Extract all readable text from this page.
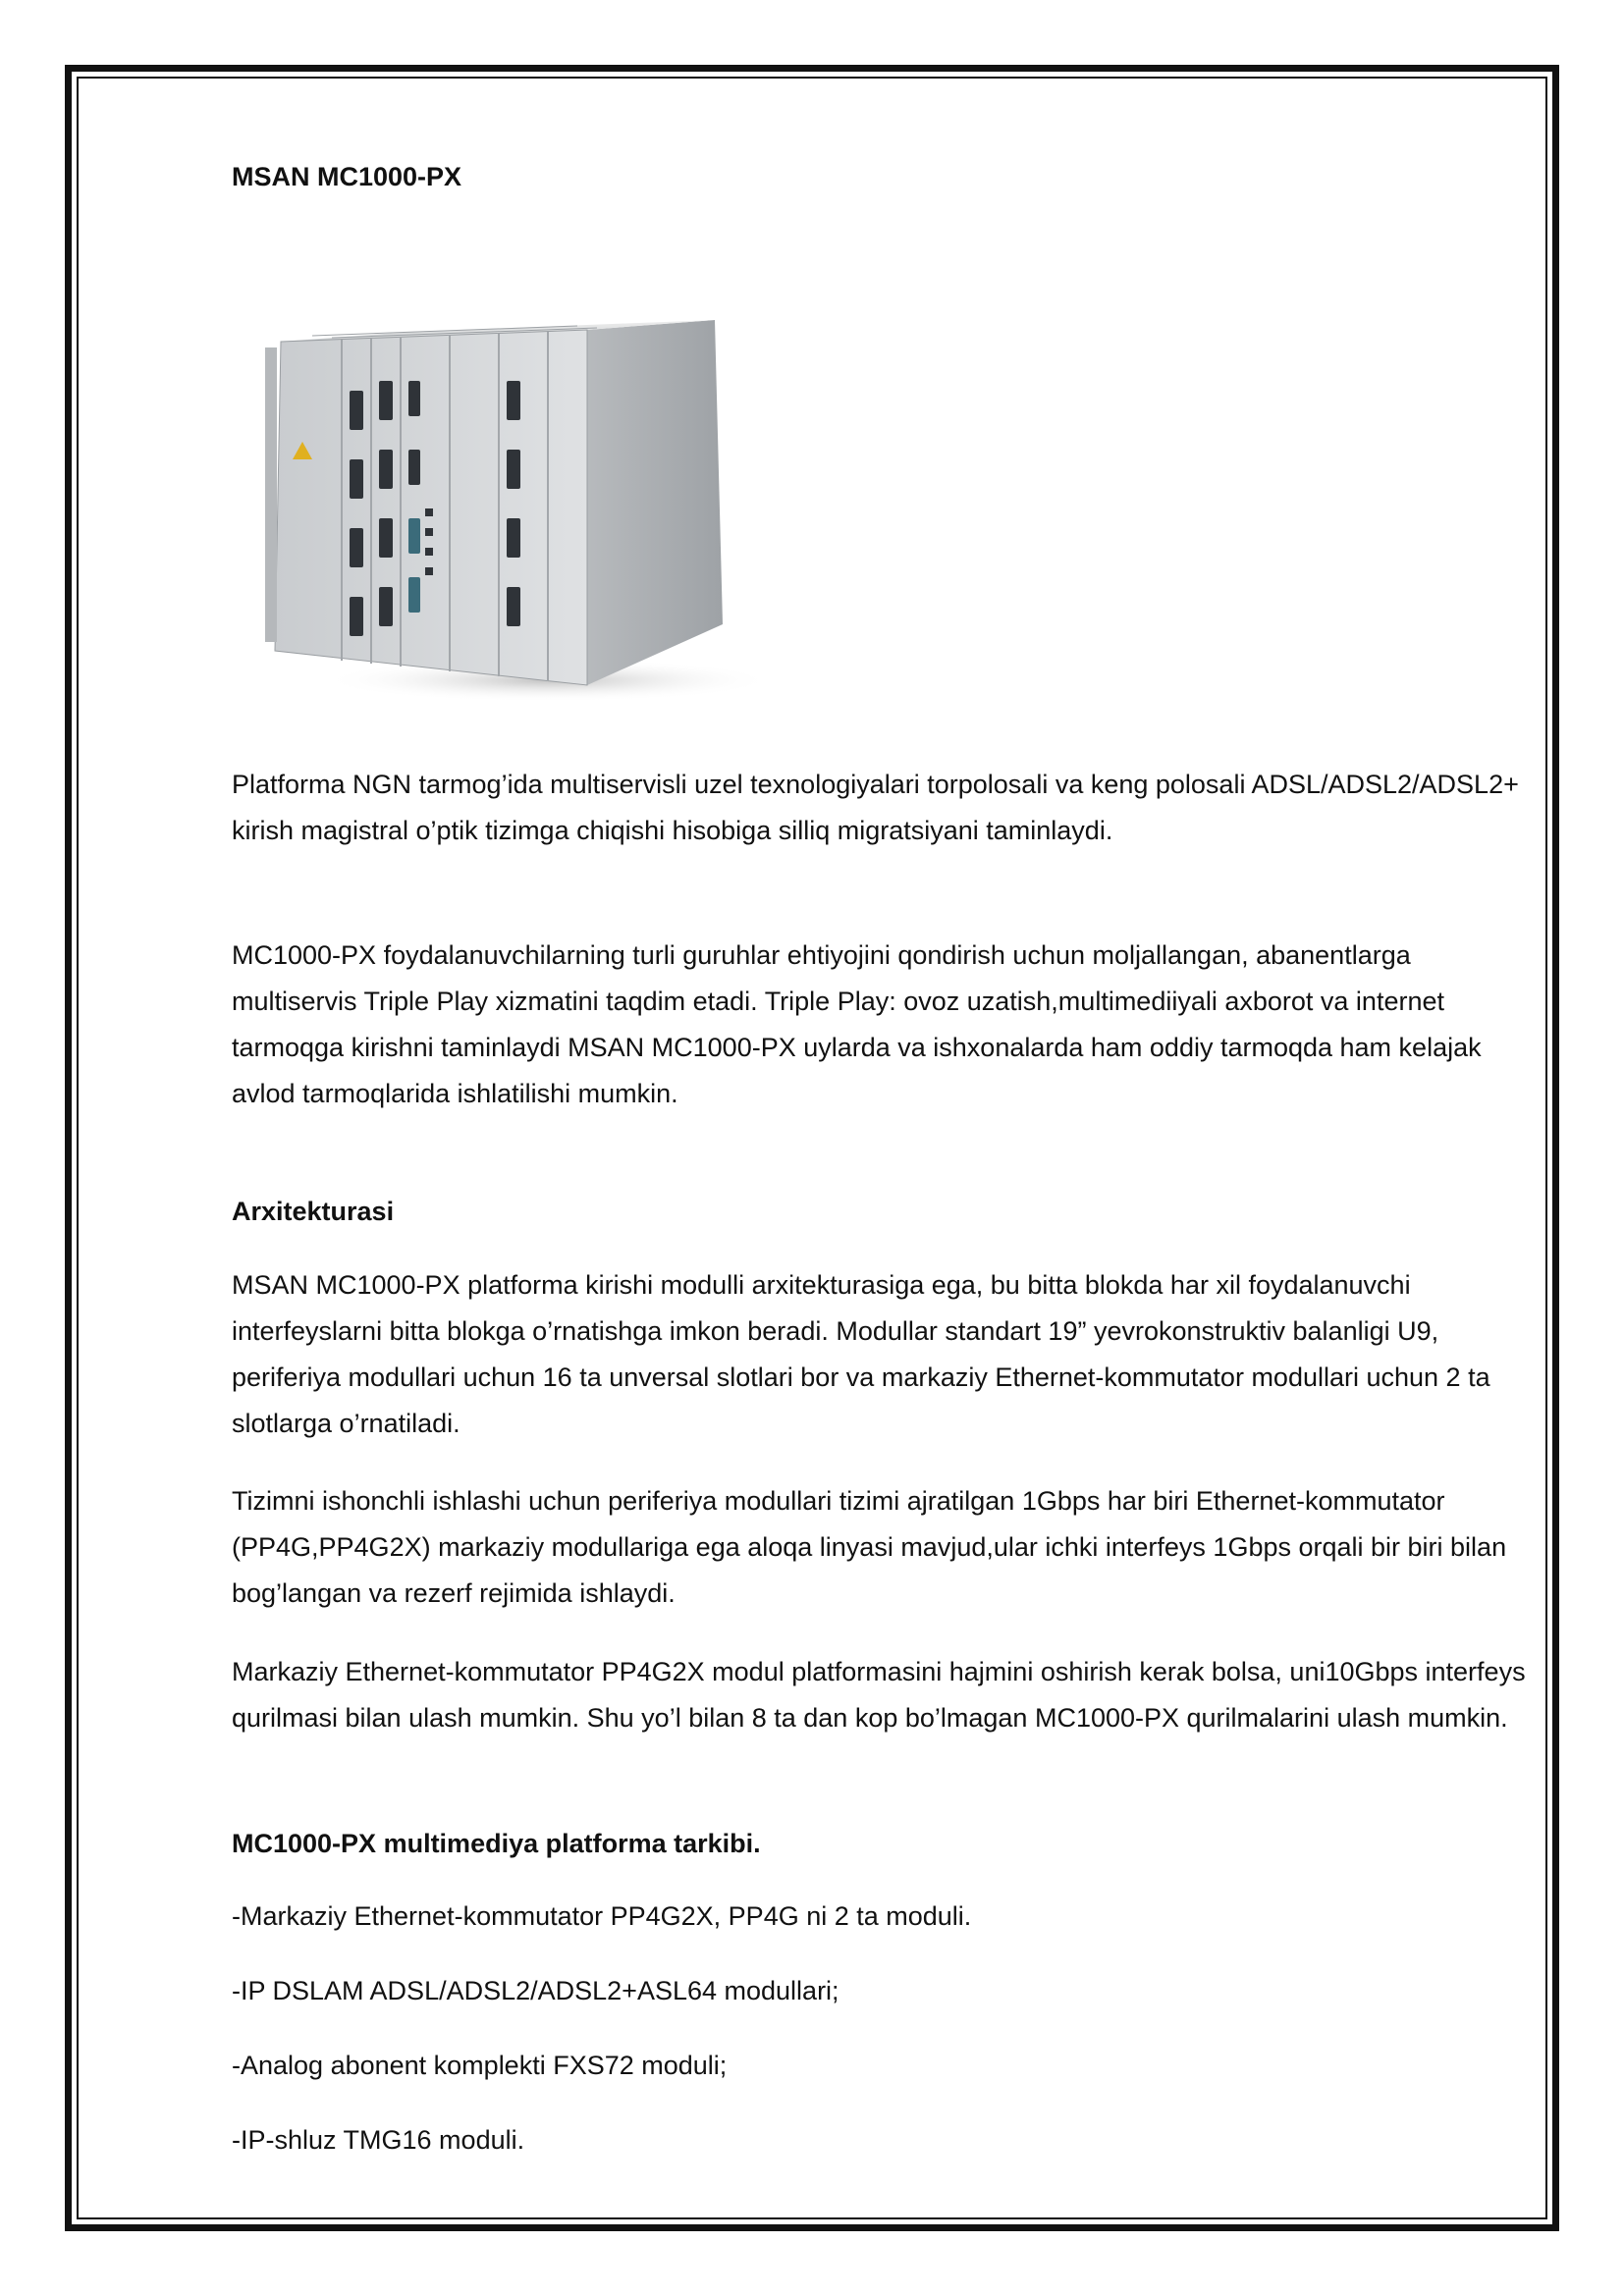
MSAN MC1000-PX

Platforma NGN tarmog’ida multiservisli uzel texnologiyalari torpolosali va keng polosali ADSL/ADSL2/ADSL2+ kirish magistral o’ptik tizimga chiqishi hisobiga silliq migratsiyani taminlaydi.

MC1000-PX foydalanuvchilarning turli guruhlar ehtiyojini qondirish uchun moljallangan, abanentlarga multiservis Triple Play xizmatini taqdim etadi. Triple Play: ovoz uzatish,multimediiyali axborot va internet tarmoqga kirishni taminlaydi MSAN MC1000-PX uylarda va ishxonalarda ham oddiy tarmoqda ham kelajak avlod tarmoqlarida ishlatilishi mumkin.

Arxitekturasi

MSAN MC1000-PX platforma kirishi modulli arxitekturasiga ega, bu bitta blokda har xil foydalanuvchi interfeyslarni bitta blokga o’rnatishga imkon beradi. Modullar standart 19” yevrokonstruktiv balanligi U9, periferiya modullari uchun 16 ta unversal slotlari bor va markaziy Ethernet-kommutator modullari uchun 2 ta slotlarga o’rnatiladi.

Tizimni ishonchli ishlashi uchun periferiya modullari tizimi ajratilgan 1Gbps har biri Ethernet-kommutator (PP4G,PP4G2X) markaziy modullariga ega aloqa linyasi mavjud,ular ichki interfeys 1Gbps orqali bir biri bilan bog’langan va rezerf rejimida ishlaydi.

Markaziy Ethernet-kommutator PP4G2X modul platformasini hajmini oshirish kerak bolsa, uni10Gbps interfeys qurilmasi bilan ulash mumkin. Shu yo’l bilan 8 ta dan kop bo’lmagan MC1000-PX qurilmalarini ulash mumkin.

MC1000-PX multimediya platforma tarkibi.

-Markaziy Ethernet-kommutator PP4G2X, PP4G ni 2 ta moduli.

-IP DSLAM ADSL/ADSL2/ADSL2+ASL64 modullari;

-Analog abonent komplekti FXS72 moduli;

-IP-shluz TMG16 moduli.
